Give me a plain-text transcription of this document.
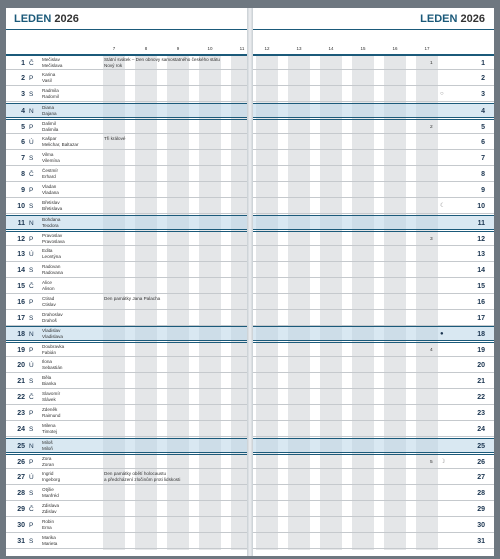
LEDEN 2026
7	8	9	10	11
1 Č
Mečislav
Mečislava
Státní svátek – Den obnovy samostatného českého státu
Nový rok
2 P
Karina
Vasil
3 S
Radmila
Radomil
4 N
Diana
Dajana
5 P
Dalimil
Dalimila
6 Ú
Kašpar
Melichar, Baltazar
Tři králové
7 S
Vilma
Vilemína
8 Č
Čestmír
Erhard
9 P
Vladan
Vladana
10 S
Břetislav
Břetislava
11 N
Bohdana
Teodora
12 P
Pravoslav
Pravoslava
13 Ú
Edita
Leontýna
14 S
Radovan
Radovana
15 Č
Alice
Alison
16 P
Ctirad
Ctislav
Den památky Jana Palacha
17 S
Drahoslav
Drahoš
18 N
Vladislav
Vladislava
19 P
Doubravka
Fabián
20 Ú
Ilona
Sebastián
21 S
Běla
Bianka
22 Č
Slavomír
Slávek
23 P
Zdeněk
Raimund
24 S
Milena
Timotej
25 N
Miloš
Miloň
26 P
Zora
Zoran
27 Ú
Ingrid
Ingeborg
Den památky obětí holocaustu
a předcházení zločinům proti lidskosti
28 S
Otýlie
Manfréd
29 Č
Zdislava
Zdislav
30 P
Robin
Erna
31 S
Marika
Marieta
LEDEN 2026
12	13	14	15	16	17
1	1
2
○	3
4
2	5
6
7
8
9
☾	10
11
3	12
13
14
15
16
17
●	18
4	19
20
21
22
23
24
25
5 ☽	26
27
28
29
30
31
